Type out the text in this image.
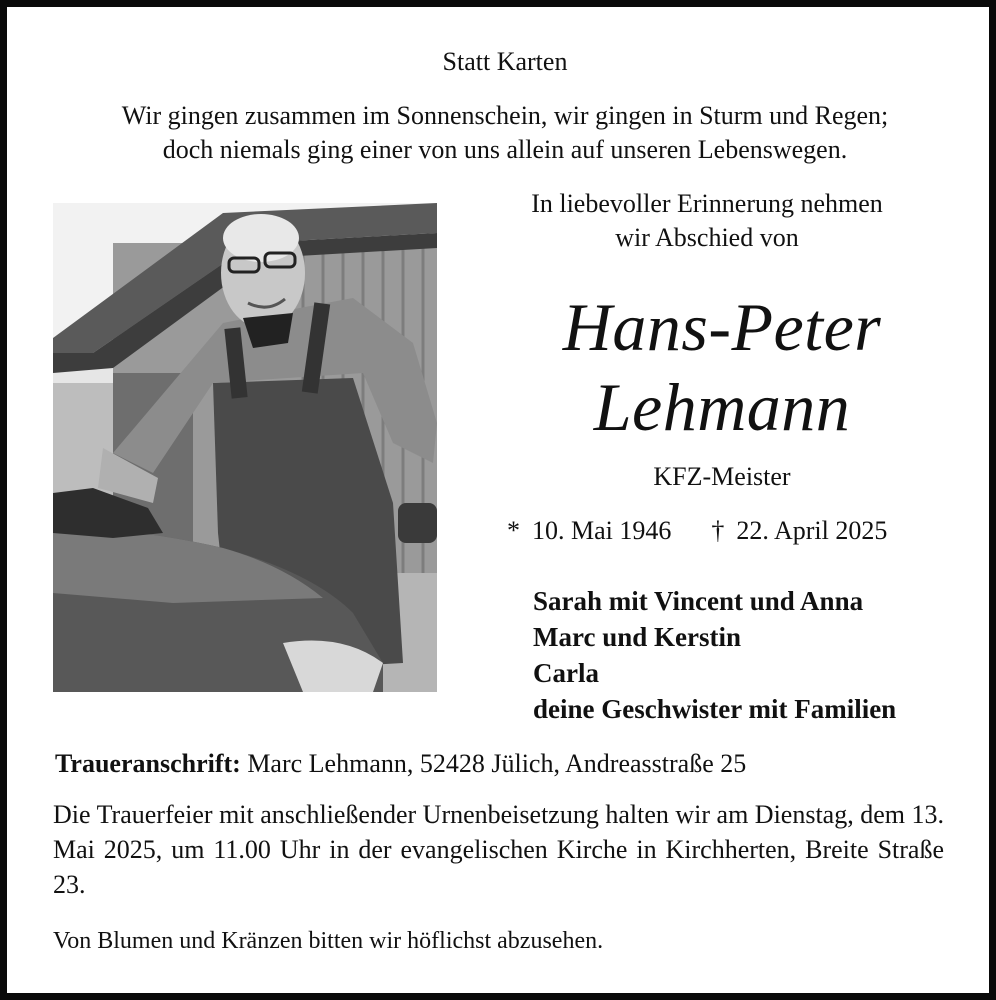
Statt Karten
Wir gingen zusammen im Sonnenschein, wir gingen in Sturm und Regen;
doch niemals ging einer von uns allein auf unseren Lebenswegen.
In liebevoller Erinnerung nehmen
wir Abschied von
Hans-Peter
Lehmann
KFZ-Meister
* 10. Mai 1946 † 22. April 2025
Sarah mit Vincent und Anna
Marc und Kerstin
Carla
deine Geschwister mit Familien
Traueranschrift: Marc Lehmann, 52428 Jülich, Andreasstraße 25
Die Trauerfeier mit anschließender Urnenbeisetzung halten wir am Dienstag, dem 13. Mai 2025, um 11.00 Uhr in der evangelischen Kirche in Kirchherten, Breite Straße 23.
Von Blumen und Kränzen bitten wir höflichst abzusehen.
